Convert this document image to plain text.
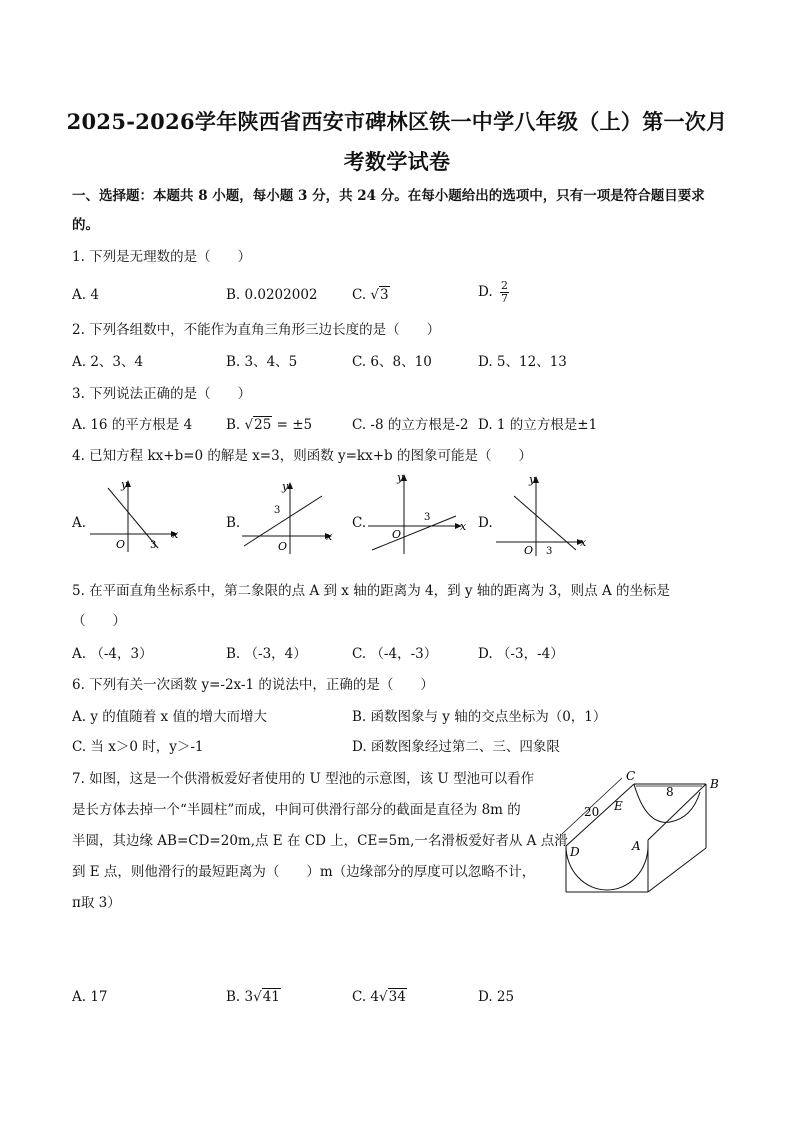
2025-2026学年陕西省西安市碑林区铁一中学八年级（上）第一次月
考数学试卷
一、选择题：本题共 8 小题，每小题 3 分，共 24 分。在每小题给出的选项中，只有一项是符合题目要求
的。
1. 下列是无理数的是（　　）
A. 4	B. 0.0202002	C. √3	D. $\frac{2}{7}$
2. 下列各组数中，不能作为直角三角形三边长度的是（　　）
A. 2、3、4	B. 3、4、5	C. 6、8、10	D. 5、12、13
3. 下列说法正确的是（　　）
A. 16 的平方根是 4	B. √25 = ±5	C. -8 的立方根是-2 D. 1 的立方根是±1
4. 已知方程 kx+b=0 的解是 x=3，则函数 y=kx+b 的图象可能是（　　）
A.
y
x
O 3
B.
y
x
O
3
C.
y
x
O
3	D.
y
x
O 3
5. 在平面直角坐标系中，第二象限的点 A 到 x 轴的距离为 4，到 y 轴的距离为 3，则点 A 的坐标是
（　　）
A. （-4，3）	B. （-3，4）	C. （-4，-3）	D. （-3，-4）
6. 下列有关一次函数 y=-2x-1 的说法中，正确的是（　　）
A. y 的值随着 x 值的增大而增大	B. 函数图象与 y 轴的交点坐标为（0，1）
C. 当 x＞0 时，y＞-1	D. 函数图象经过第二、三、四象限
7. 如图，这是一个供滑板爱好者使用的 U 型池的示意图，该 U 型池可以看作
是长方体去掉一个“半圆柱”而成，中间可供滑行部分的截面是直径为 8m 的
半圆，其边缘 AB=CD=20m,点 E 在 CD 上，CE=5m,一名滑板爱好者从 A 点滑
到 E 点，则他滑行的最短距离为（　　）m（边缘部分的厚度可以忽略不计，
π取 3）
C
B
8
20 E
D	A
A. 17	B. 3√41	C. 4√34	D. 25
